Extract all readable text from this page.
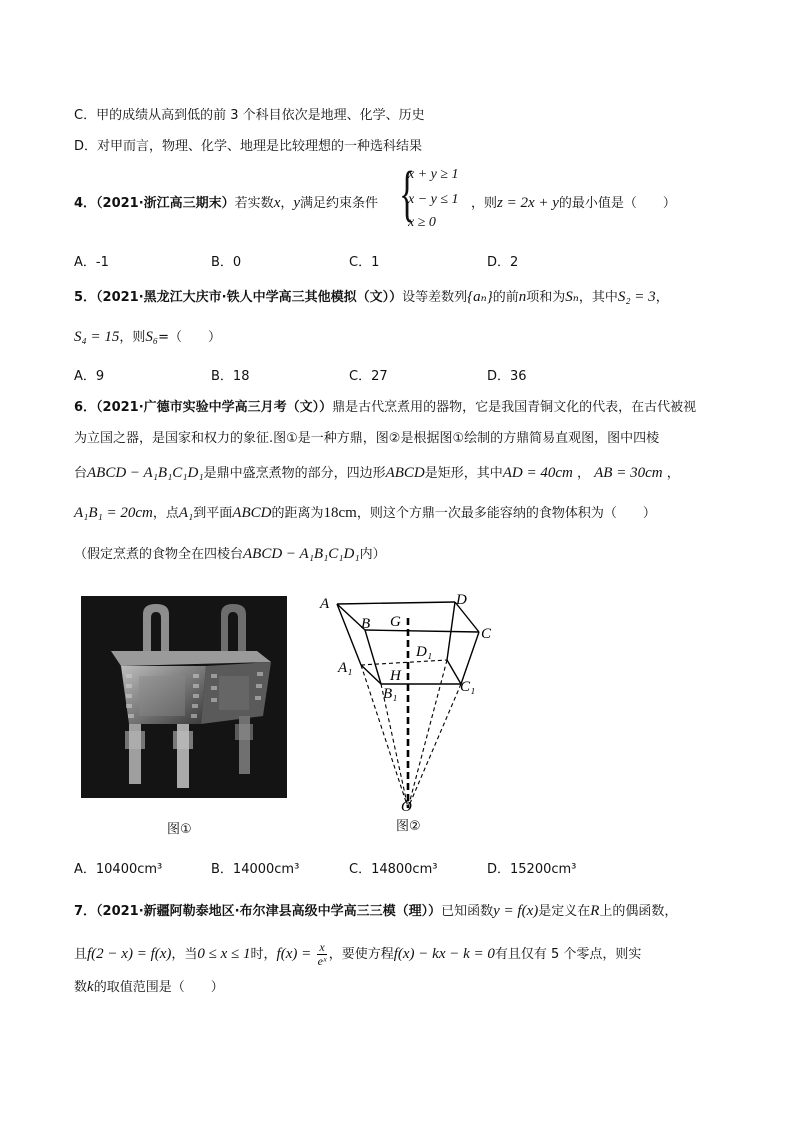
C．甲的成绩从高到低的前 3 个科目依次是地理、化学、历史
D．对甲而言，物理、化学、地理是比较理想的一种选科结果
4．（2021·浙江高三期末）若实数x，y满足约束条件 {
x + y ≥ 1
x − y ≤ 1
x ≥ 0
，则z = 2x + y的最小值是（　　）
A．-1	B．0	C．1	D．2
5．（2021·黑龙江大庆市·铁人中学高三其他模拟（文））设等差数列{aₙ}的前n项和为Sₙ，其中S₂ = 3，
S₄ = 15，则S₆=（　　）
A．9	B．18	C．27	D．36
6．（2021·广德市实验中学高三月考（文））鼎是古代烹煮用的器物，它是我国青铜文化的代表，在古代被视
为立国之器，是国家和权力的象征.图①是一种方鼎，图②是根据图①绘制的方鼎简易直观图，图中四棱
台ABCD − A₁B₁C₁D₁是鼎中盛烹煮物的部分，四边形ABCD是矩形，其中AD = 40cm ， AB = 30cm ，
A₁B₁ = 20cm，点A₁到平面ABCD的距离为18cm，则这个方鼎一次最多能容纳的食物体积为（　　）
（假定烹煮的食物全在四棱台ABCD − A₁B₁C₁D₁内）
图①
A
B G
D
C
D₁
A₁	H
B₁	C₁
O
图②
A．10400cm³	B．14000cm³	C．14800cm³	D．15200cm³
7．（2021·新疆阿勒泰地区·布尔津县高级中学高三三模（理））已知函数y = f(x)是定义在R上的偶函数，
且f(2 − x) = f(x)，当0 ≤ x ≤ 1时，$f(x) = \frac{x}{\text{eˣ}}$ ，要使方程f(x) − kx − k = 0有且仅有 5 个零点，则实
数k的取值范围是（　　）
